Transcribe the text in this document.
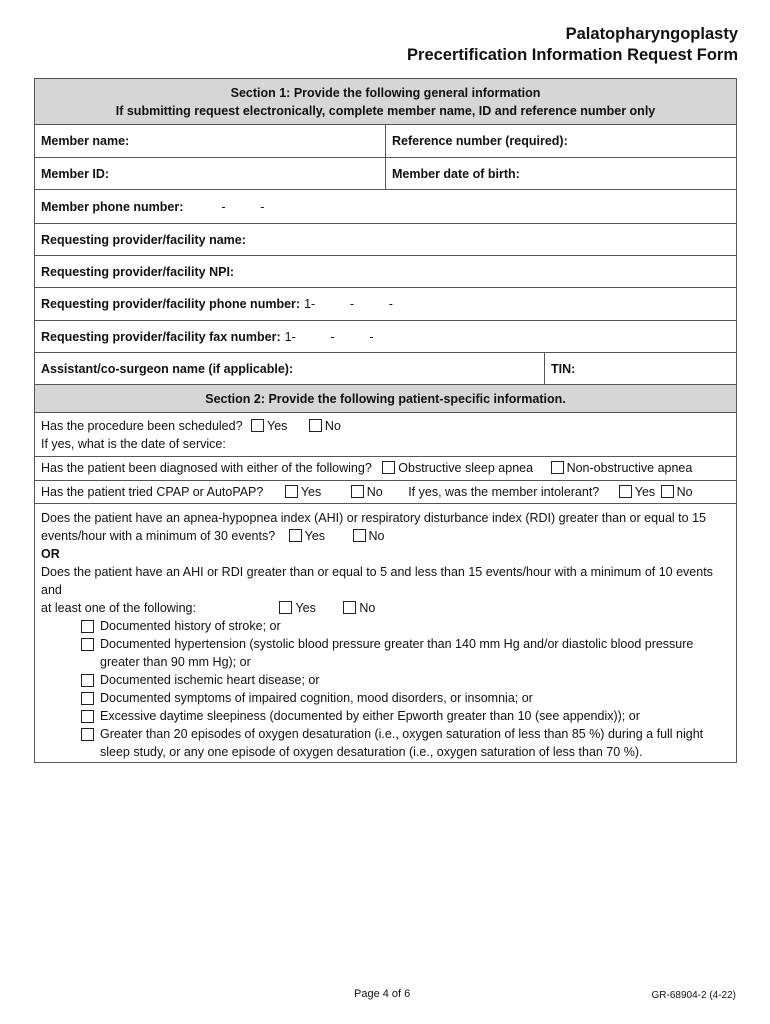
Palatopharyngoplasty
Precertification Information Request Form
Section 1: Provide the following general information
If submitting request electronically, complete member name, ID and reference number only
Member name:	Reference number (required):
Member ID:	Member date of birth:
Member phone number:	-          -
Requesting provider/facility name:
Requesting provider/facility NPI:
Requesting provider/facility phone number: 1-          -          -
Requesting provider/facility fax number: 1-          -          -
Assistant/co-surgeon name (if applicable):	TIN:
Section 2: Provide the following patient-specific information.
Has the procedure been scheduled? Yes	No
If yes, what is the date of service:
Has the patient been diagnosed with either of the following? Obstructive sleep apnea	Non-obstructive apnea
Has the patient tried CPAP or AutoPAP?	Yes	No If yes, was the member intolerant?	Yes No
Does the patient have an apnea-hypopnea index (AHI) or respiratory disturbance index (RDI) greater than or equal to 15
events/hour with a minimum of 30 events? Yes	No
OR
Does the patient have an AHI or RDI greater than or equal to 5 and less than 15 events/hour with a minimum of 10 events and
at least one of the following:	Yes	No
Documented history of stroke; or
Documented hypertension (systolic blood pressure greater than 140 mm Hg and/or diastolic blood pressure greater than 90 mm Hg); or
Documented ischemic heart disease; or
Documented symptoms of impaired cognition, mood disorders, or insomnia; or
Excessive daytime sleepiness (documented by either Epworth greater than 10 (see appendix)); or
Greater than 20 episodes of oxygen desaturation (i.e., oxygen saturation of less than 85 %) during a full night sleep study, or any one episode of oxygen desaturation (i.e., oxygen saturation of less than 70 %).
Page 4 of 6	GR-68904-2 (4-22)
